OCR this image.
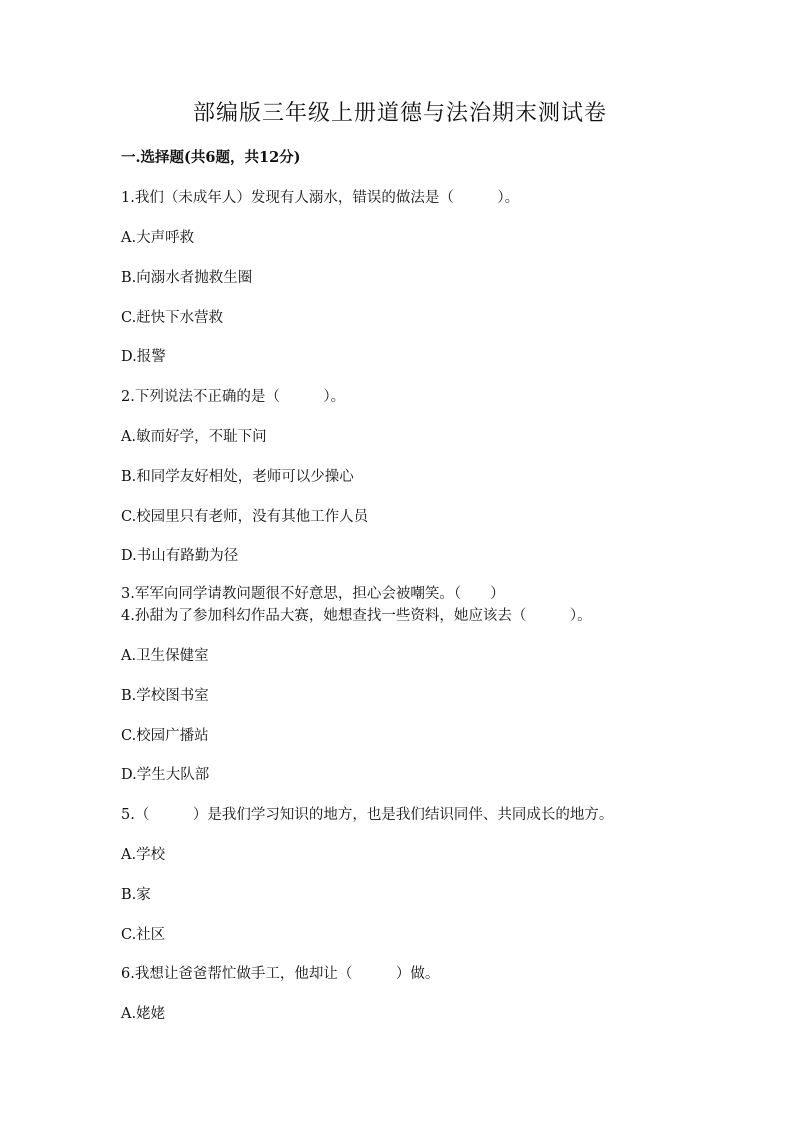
部编版三年级上册道德与法治期末测试卷
一.选择题(共6题，共12分)
1.我们（未成年人）发现有人溺水，错误的做法是（　　　）。
A.大声呼救
B.向溺水者抛救生圈
C.赶快下水营救
D.报警
2.下列说法不正确的是（　　　）。
A.敏而好学，不耻下问
B.和同学友好相处，老师可以少操心
C.校园里只有老师，没有其他工作人员
D.书山有路勤为径
3.军军向同学请教问题很不好意思，担心会被嘲笑。（　　）
4.孙甜为了参加科幻作品大赛，她想查找一些资料，她应该去（　　　）。
A.卫生保健室
B.学校图书室
C.校园广播站
D.学生大队部
5.（　　　）是我们学习知识的地方，也是我们结识同伴、共同成长的地方。
A.学校
B.家
C.社区
6.我想让爸爸帮忙做手工，他却让（　　　）做。
A.姥姥
